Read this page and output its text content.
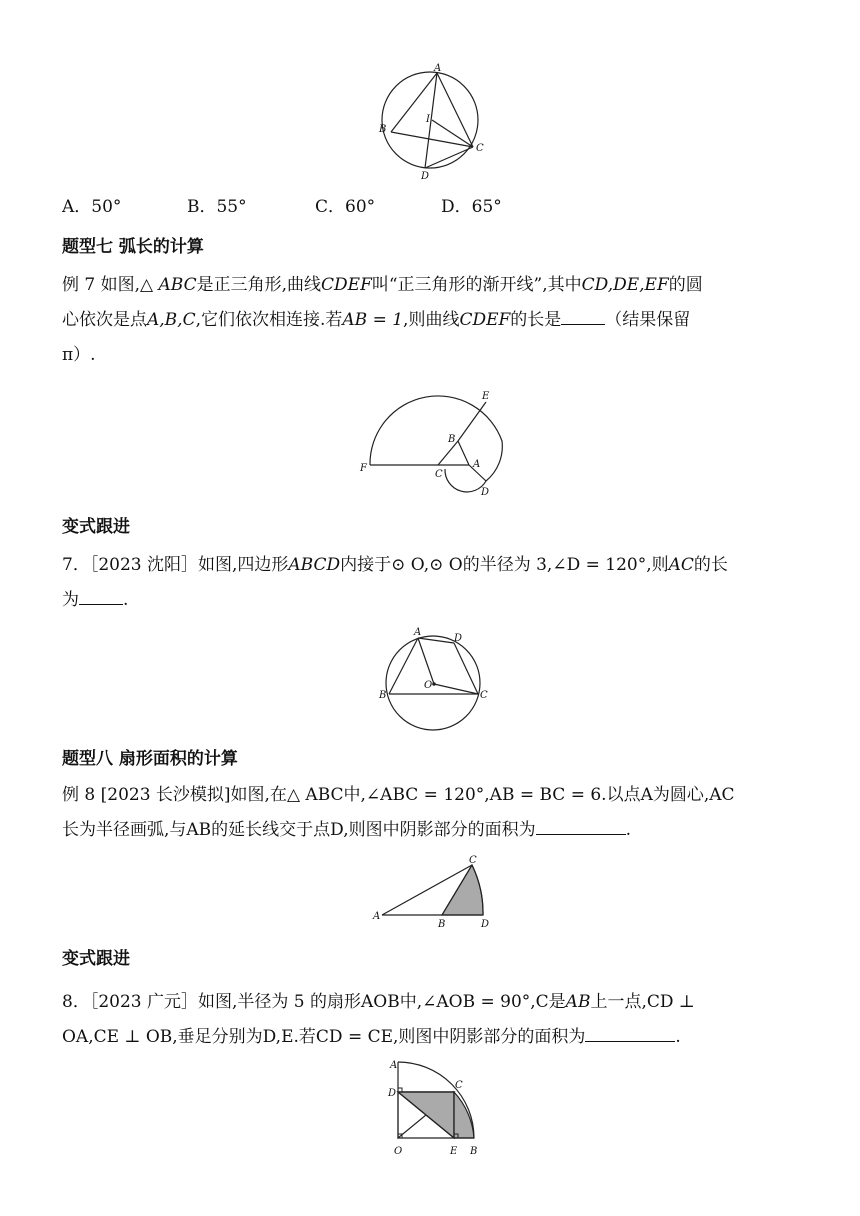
A
B
C
D
I
A．50°	B．55°	C．60°	D．65°
题型七 弧长的计算
例 7 如图,△ ABC是正三角形,曲线CDEF叫“正三角形的渐开线”,其中CD,DE,EF的圆
心依次是点A,B,C,它们依次相连接.若AB = 1,则曲线CDEF的长是	（结果保留
π）.
E
B
A
C
D
F
变式跟进
7．［2023 沈阳］如图,四边形ABCD内接于⊙ O,⊙ O的半径为 3,∠D = 120°,则AC的长
为	.
A
D
B	C
O
题型八 扇形面积的计算
例 8 [2023 长沙模拟]如图,在△ ABC中,∠ABC = 120°,AB = BC = 6.以点A为圆心,AC
长为半径画弧,与AB的延长线交于点D,则图中阴影部分的面积为	.
C
A
B	D
变式跟进
8．［2023 广元］如图,半径为 5 的扇形AOB中,∠AOB = 90°,C是AB上一点,CD ⊥
OA,CE ⊥ OB,垂足分别为D,E.若CD = CE,则图中阴影部分的面积为	.
A
D
C
O	E B
